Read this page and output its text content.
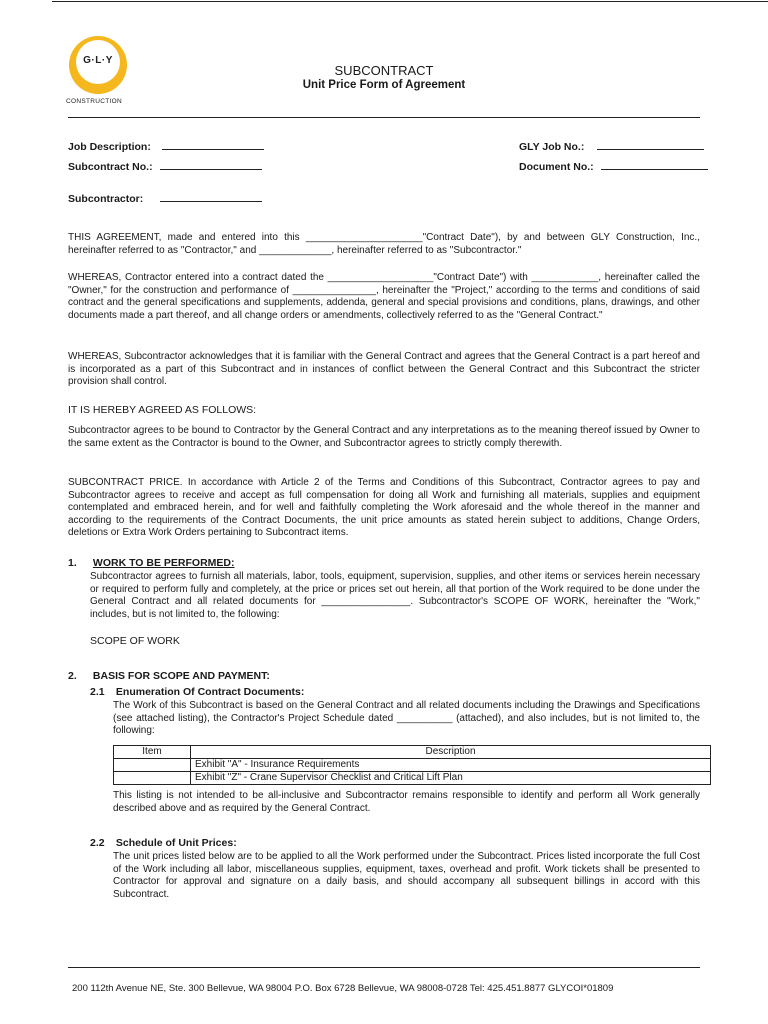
G·L·Y
CONSTRUCTION
SUBCONTRACT
Unit Price Form of Agreement
Job Description:	GLY Job No.:
Subcontract No.:	Document No.:
Subcontractor:

THIS AGREEMENT, made and entered into this _____________________"Contract Date"), by and between GLY Construction, Inc., hereinafter referred to as "Contractor," and _____________, hereinafter referred to as "Subcontractor."

WHEREAS, Contractor entered into a contract dated the ___________________"Contract Date") with ____________, hereinafter called the "Owner," for the construction and performance of _______________, hereinafter the "Project," according to the terms and conditions of said contract and the general specifications and supplements, addenda, general and special provisions and conditions, plans, drawings, and other documents made a part thereof, and all change orders or amendments, collectively referred to as the "General Contract."

WHEREAS, Subcontractor acknowledges that it is familiar with the General Contract and agrees that the General Contract is a part hereof and is incorporated as a part of this Subcontract and in instances of conflict between the General Contract and this Subcontract the stricter provision shall control.

IT IS HEREBY AGREED AS FOLLOWS:

Subcontractor agrees to be bound to Contractor by the General Contract and any interpretations as to the meaning thereof issued by Owner to the same extent as the Contractor is bound to the Owner, and Subcontractor agrees to strictly comply therewith.

SUBCONTRACT PRICE. In accordance with Article 2 of the Terms and Conditions of this Subcontract, Contractor agrees to pay and Subcontractor agrees to receive and accept as full compensation for doing all Work and furnishing all materials, supplies and equipment contemplated and embraced herein, and for well and faithfully completing the Work aforesaid and the whole thereof in the manner and according to the requirements of the Contract Documents, the unit price amounts as stated herein subject to additions, Change Orders, deletions or Extra Work Orders pertaining to Subcontract items.

1. WORK TO BE PERFORMED:

Subcontractor agrees to furnish all materials, labor, tools, equipment, supervision, supplies, and other items or services herein necessary or required to perform fully and completely, at the price or prices set out herein, all that portion of the Work required to be done under the General Contract and all related documents for ________________. Subcontractor's SCOPE OF WORK, hereinafter the "Work," includes, but is not limited to, the following:

SCOPE OF WORK

2. BASIS FOR SCOPE AND PAYMENT:
2.1 Enumeration Of Contract Documents:

The Work of this Subcontract is based on the General Contract and all related documents including the Drawings and Specifications (see attached listing), the Contractor's Project Schedule dated __________ (attached), and also includes, but is not limited to, the following:

Item	Description
	Exhibit "A" - Insurance Requirements
	Exhibit "Z" - Crane Supervisor Checklist and Critical Lift Plan

This listing is not intended to be all-inclusive and Subcontractor remains responsible to identify and perform all Work generally described above and as required by the General Contract.

2.2 Schedule of Unit Prices:

The unit prices listed below are to be applied to all the Work performed under the Subcontract. Prices listed incorporate the full Cost of the Work including all labor, miscellaneous supplies, equipment, taxes, overhead and profit. Work tickets shall be presented to Contractor for approval and signature on a daily basis, and should accompany all subsequent billings in accord with this Subcontract.

200 112th Avenue NE, Ste. 300 Bellevue, WA 98004 P.O. Box 6728 Bellevue, WA 98008-0728 Tel: 425.451.8877 GLYCOI*01809
